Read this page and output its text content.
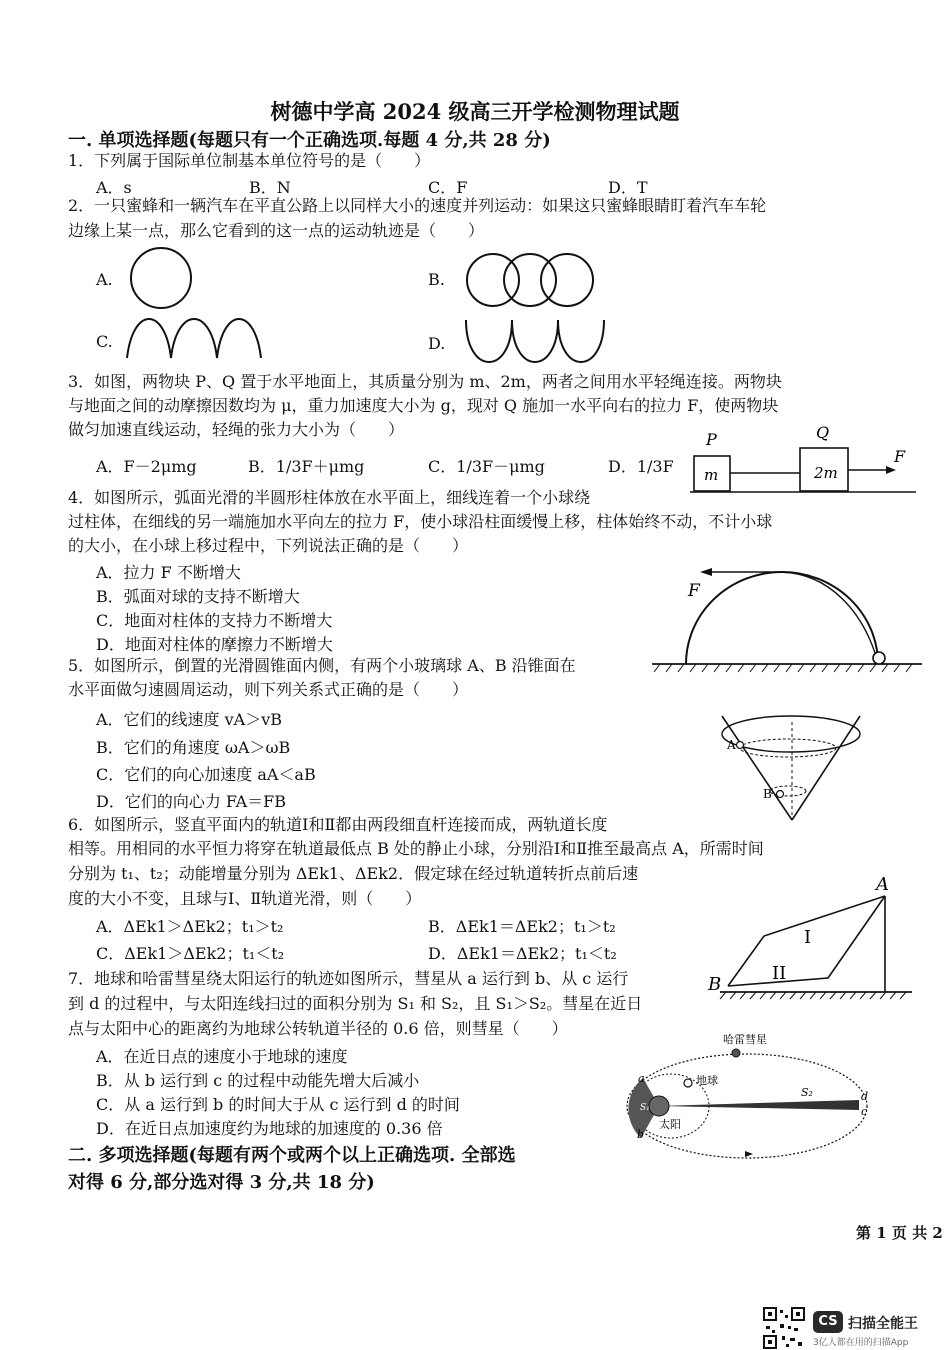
树德中学高 2024 级高三开学检测物理试题
一. 单项选择题(每题只有一个正确选项.每题 4 分,共 28 分)
1．下列属于国际单位制基本单位符号的是（　　）
A．s	B．N	C．F	D．T
2．一只蜜蜂和一辆汽车在平直公路上以同样大小的速度并列运动：如果这只蜜蜂眼睛盯着汽车车轮
边缘上某一点，那么它看到的这一点的运动轨迹是（　　）
A.	B.
C.	D.
3．如图，两物块 P、Q 置于水平地面上，其质量分别为 m、2m，两者之间用水平轻绳连接。两物块
与地面之间的动摩擦因数均为 μ，重力加速度大小为 g，现对 Q 施加一水平向右的拉力 F，使两物块
做匀加速直线运动，轻绳的张力大小为（　　）
A．F－2μmg	B．1/3F＋μmg	C．1/3F－μmg	D．1/3F
P	Q
m	2m
F
4．如图所示，弧面光滑的半圆形柱体放在水平面上，细线连着一个小球绕
过柱体，在细线的另一端施加水平向左的拉力 F，使小球沿柱面缓慢上移，柱体始终不动，不计小球
的大小，在小球上移过程中，下列说法正确的是（　　）
A．拉力 F 不断增大
B．弧面对球的支持不断增大
C．地面对柱体的支持力不断增大
D．地面对柱体的摩擦力不断增大
F
5．如图所示，倒置的光滑圆锥面内侧，有两个小玻璃球 A、B 沿锥面在
水平面做匀速圆周运动，则下列关系式正确的是（　　）
A．它们的线速度 vA＞vB
B．它们的角速度 ωA＞ωB
C．它们的向心加速度 aA＜aB
D．它们的向心力 FA＝FB
A
B
6．如图所示，竖直平面内的轨道Ⅰ和Ⅱ都由两段细直杆连接而成，两轨道长度
相等。用相同的水平恒力将穿在轨道最低点 B 处的静止小球，分别沿Ⅰ和Ⅱ推至最高点 A，所需时间
分别为 t₁、t₂；动能增量分别为 ΔEk1、ΔEk2．假定球在经过轨道转折点前后速
度的大小不变，且球与Ⅰ、Ⅱ轨道光滑，则（　　）
A．ΔEk1＞ΔEk2；t₁＞t₂	B．ΔEk1＝ΔEk2；t₁＞t₂
C．ΔEk1＞ΔEk2；t₁＜t₂	D．ΔEk1＝ΔEk2；t₁＜t₂
A
B
I
II
7．地球和哈雷彗星绕太阳运行的轨迹如图所示，彗星从 a 运行到 b、从 c 运行
到 d 的过程中，与太阳连线扫过的面积分别为 S₁ 和 S₂，且 S₁＞S₂。彗星在近日
点与太阳中心的距离约为地球公转轨道半径的 0.6 倍，则彗星（　　）
A．在近日点的速度小于地球的速度
B．从 b 运行到 c 的过程中动能先增大后减小
C．从 a 运行到 b 的时间大于从 c 运行到 d 的时间
D．在近日点加速度约为地球的加速度的 0.36 倍
哈雷彗星
地球
太阳
a
b
c
d
S₁
S₂
二. 多项选择题(每题有两个或两个以上正确选项. 全部选
对得 6 分,部分选对得 3 分,共 18 分)
第 1 页 共 2
CS 扫描全能王
3亿人都在用的扫描App
